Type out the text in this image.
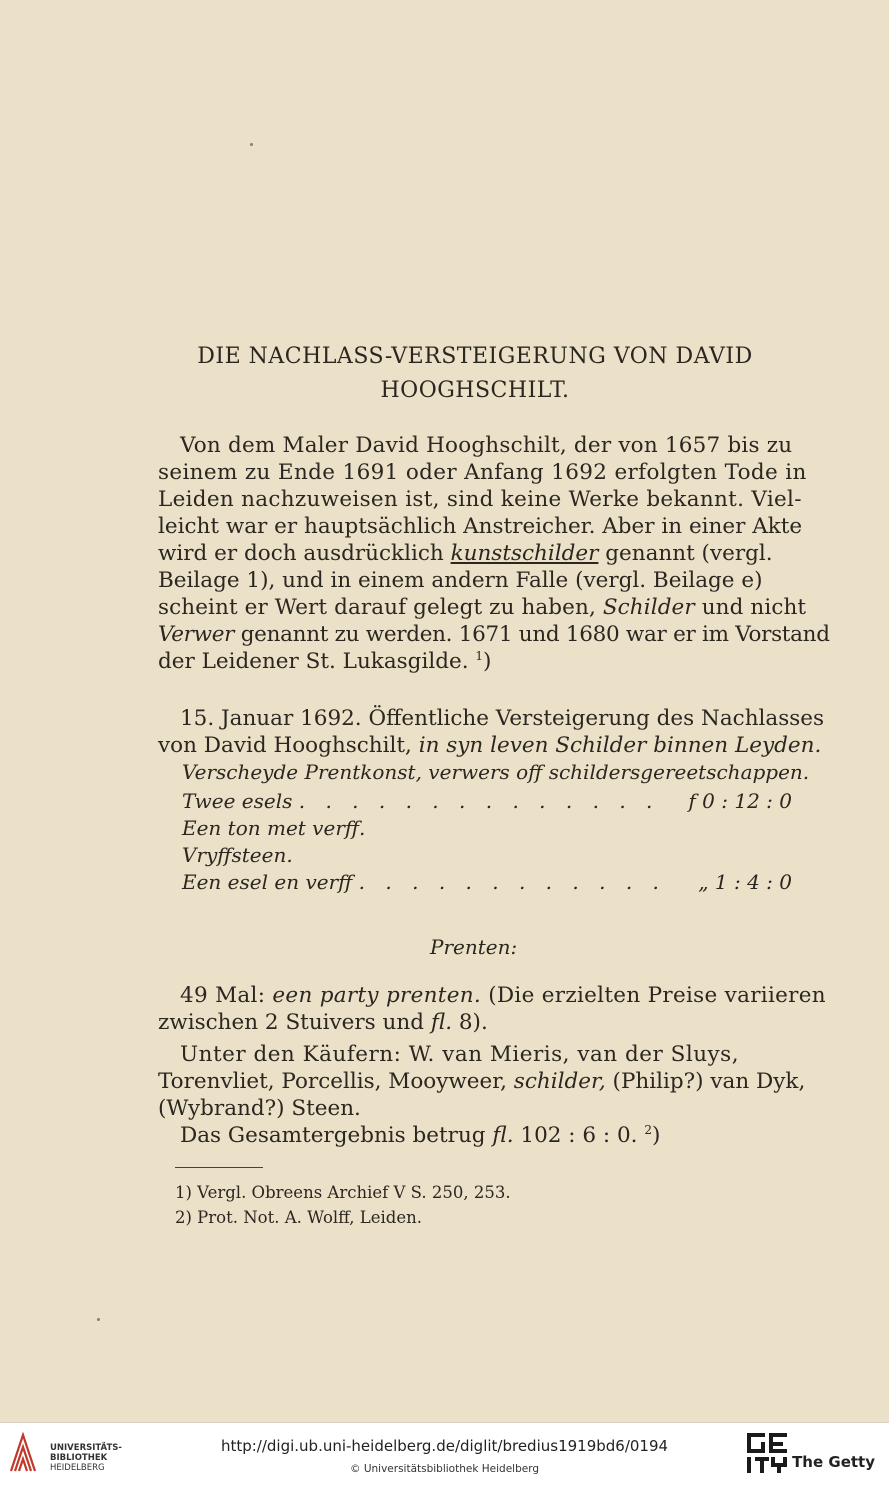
DIE NACHLASS-VERSTEIGERUNG VON DAVID
HOOGHSCHILT.
Von dem Maler David Hooghschilt, der von 1657 bis zu
seinem zu Ende 1691 oder Anfang 1692 erfolgten Tode in
Leiden nachzuweisen ist, sind keine Werke bekannt. Viel-
leicht war er hauptsächlich Anstreicher. Aber in einer Akte
wird er doch ausdrücklich kunstschilder genannt (vergl.
Beilage 1), und in einem andern Falle (vergl. Beilage e)
scheint er Wert darauf gelegt zu haben, Schilder und nicht
Verwer genannt zu werden. 1671 und 1680 war er im Vorstand
der Leidener St. Lukasgilde. $^1$)
15. Januar 1692. Öffentliche Versteigerung des Nachlasses
von David Hooghschilt, in syn leven Schilder binnen Leyden.
Verscheyde Prentkonst, verwers off schildersgereetschappen.
Twee esels . . . . . . . . . . . . . . f 0 : 12 : 0
Een ton met verff.
Vryffsteen.
Een esel en verff . . . . . . . . . . . . „ 1 : 4 : 0
Prenten:
49 Mal: een party prenten. (Die erzielten Preise variieren
zwischen 2 Stuivers und fl. 8).
Unter den Käufern: W. van Mieris, van der Sluys,
Torenvliet, Porcellis, Mooyweer, schilder, (Philip?) van Dyk,
(Wybrand?) Steen.
Das Gesamtergebnis betrug fl. 102 : 6 : 0. $^2$)
1) Vergl. Obreens Archief V S. 250, 253.
2) Prot. Not. A. Wolff, Leiden.
UNIVERSITÄTS-
BIBLIOTHEK
HEIDELBERG
http://digi.ub.uni-heidelberg.de/diglit/bredius1919bd6/0194
© Universitätsbibliothek Heidelberg	The Getty
